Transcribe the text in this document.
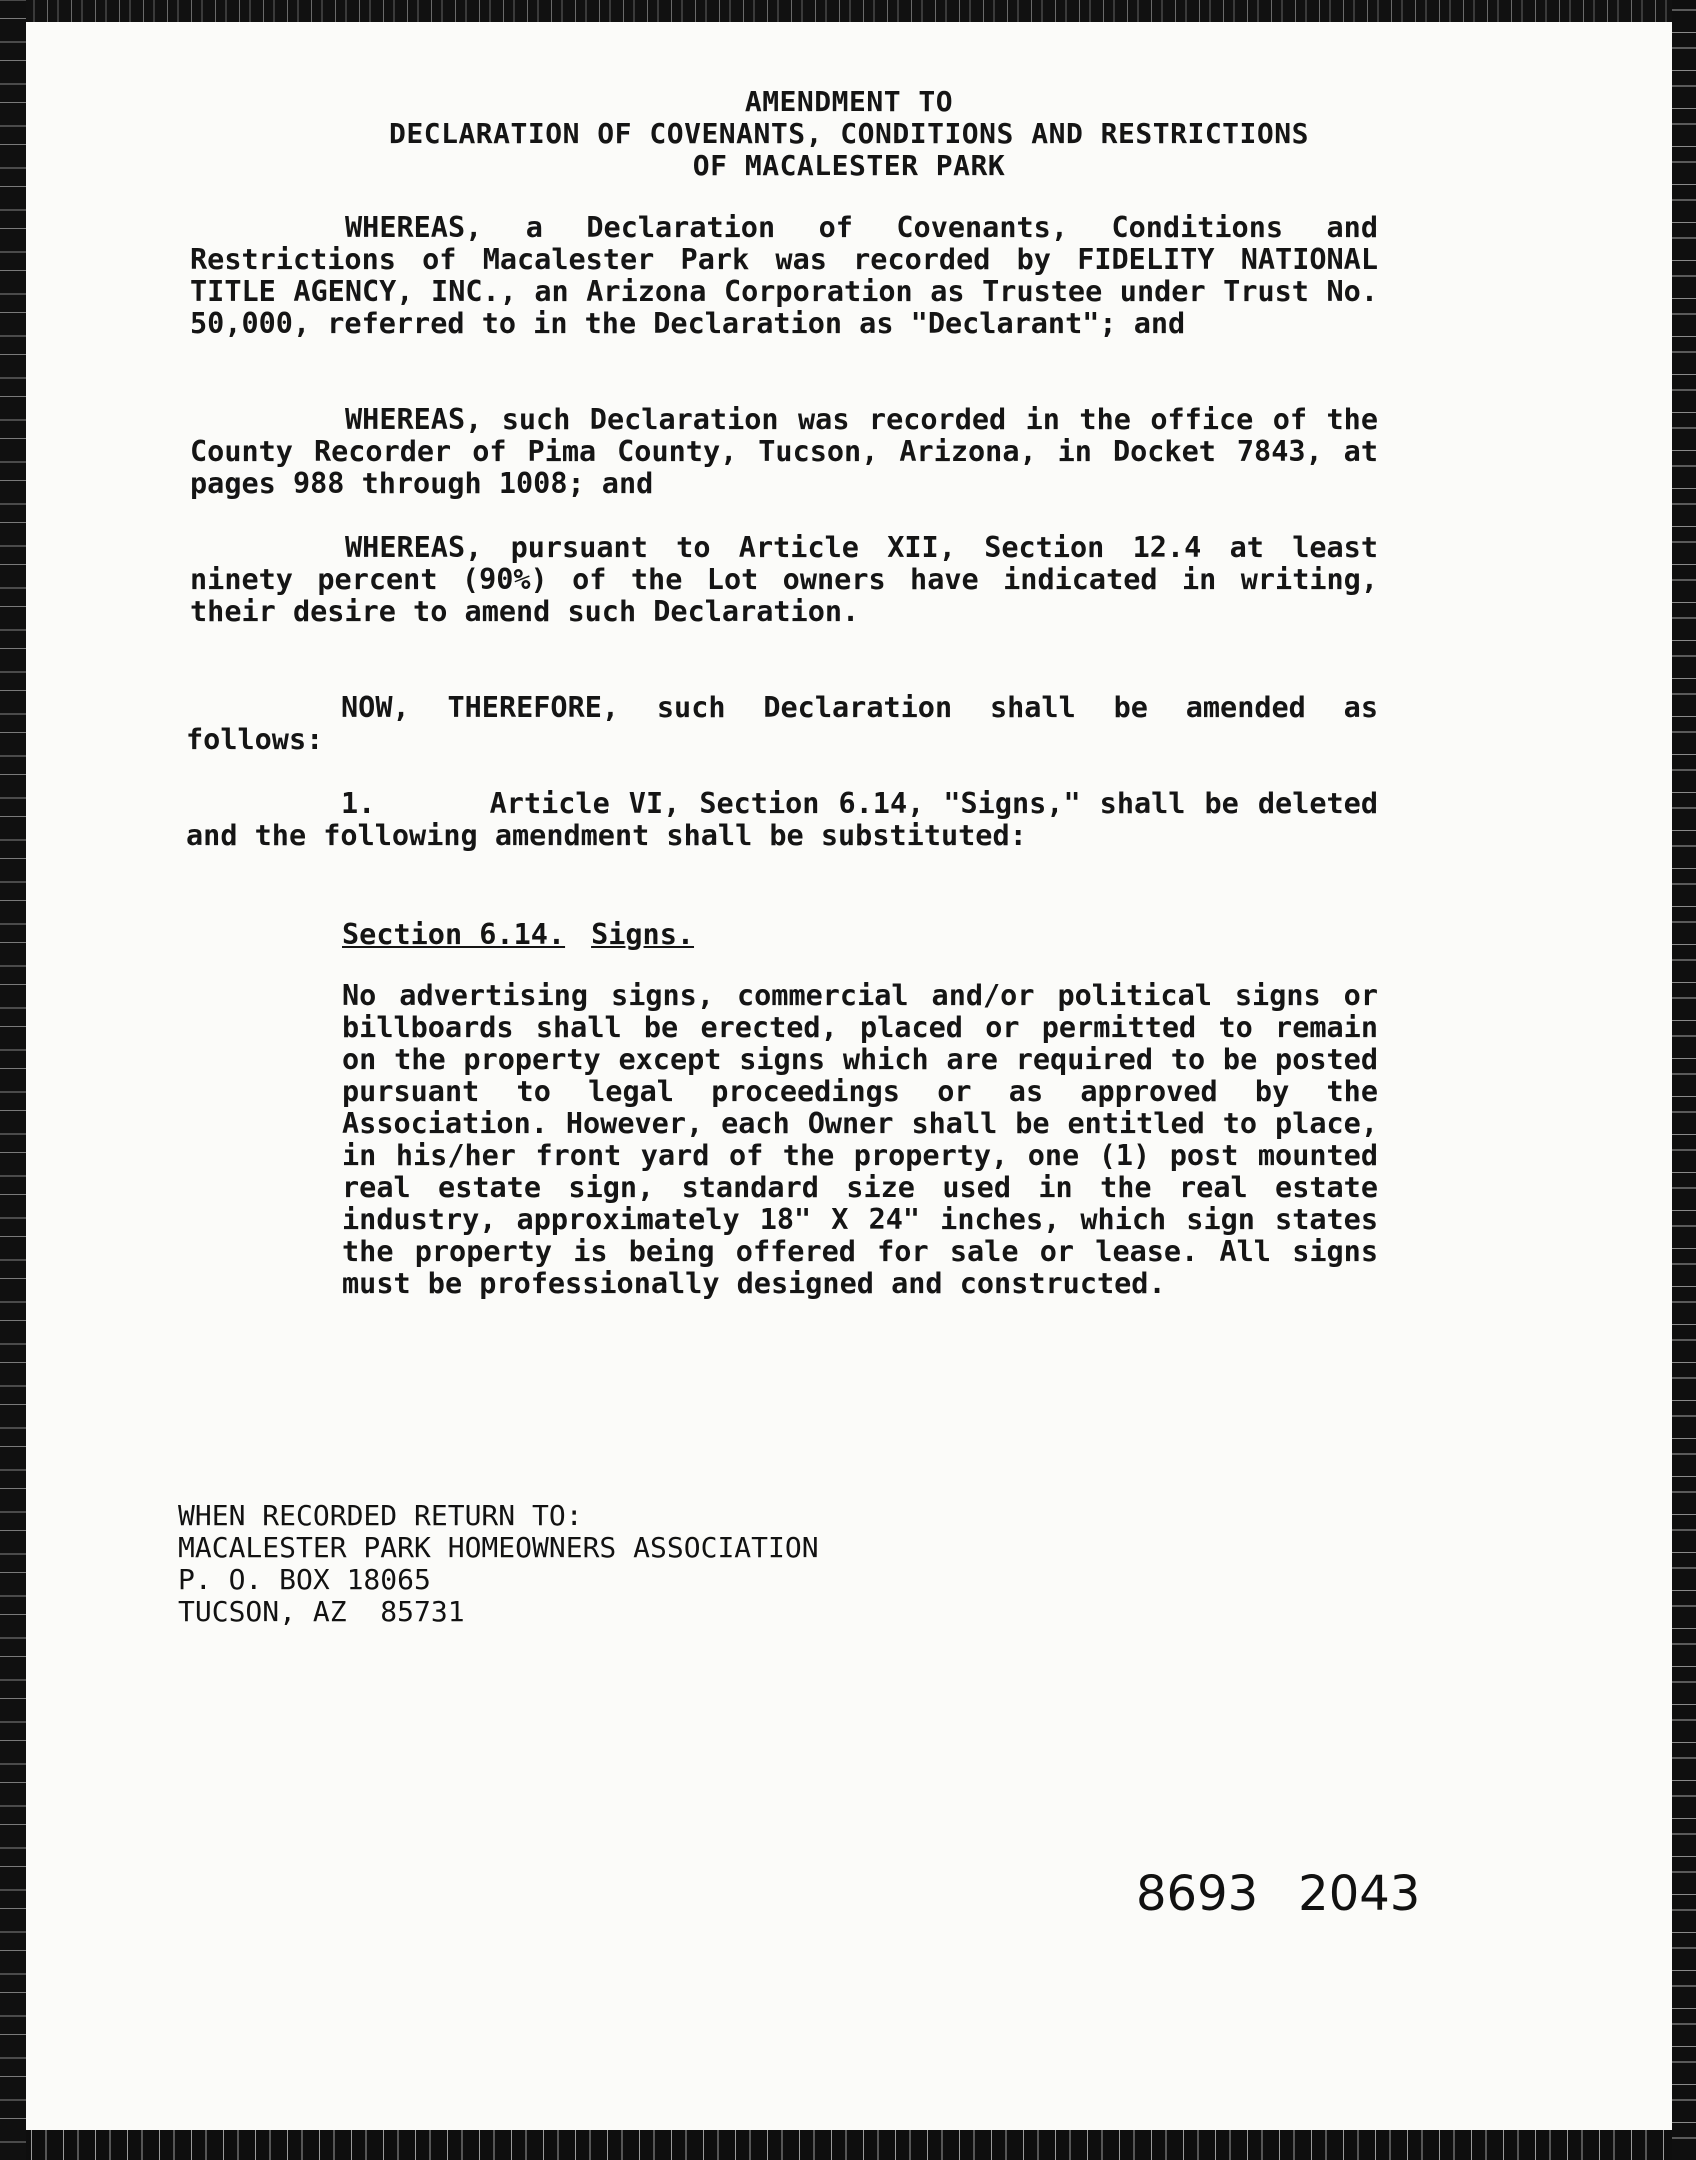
AMENDMENT TO
DECLARATION OF COVENANTS, CONDITIONS AND RESTRICTIONS
OF MACALESTER PARK
WHEREAS, a Declaration of Covenants, Conditions and Restrictions of Macalester Park was recorded by FIDELITY NATIONAL TITLE AGENCY, INC., an Arizona Corporation as Trustee under Trust No. 50,000, referred to in the Declaration as "Declarant"; and
WHEREAS, such Declaration was recorded in the office of the County Recorder of Pima County, Tucson, Arizona, in Docket 7843, at pages 988 through 1008; and
WHEREAS, pursuant to Article XII, Section 12.4 at least ninety percent (90%) of the Lot owners have indicated in writing, their desire to amend such Declaration.
NOW, THEREFORE, such Declaration shall be amended as follows:
1.      Article VI, Section 6.14, "Signs," shall be deleted and the following amendment shall be substituted:
Section 6.14. Signs.
No advertising signs, commercial and/or political signs or billboards shall be erected, placed or permitted to remain on the property except signs which are required to be posted pursuant to legal proceedings or as approved by the Association. However, each Owner shall be entitled to place, in his/her front yard of the property, one (1) post mounted real estate sign, standard size used in the real estate industry, approximately 18" X 24" inches, which sign states the property is being offered for sale or lease. All signs must be professionally designed and constructed.
WHEN RECORDED RETURN TO:
MACALESTER PARK HOMEOWNERS ASSOCIATION
P. O. BOX 18065
TUCSON, AZ  85731
8693 2043
